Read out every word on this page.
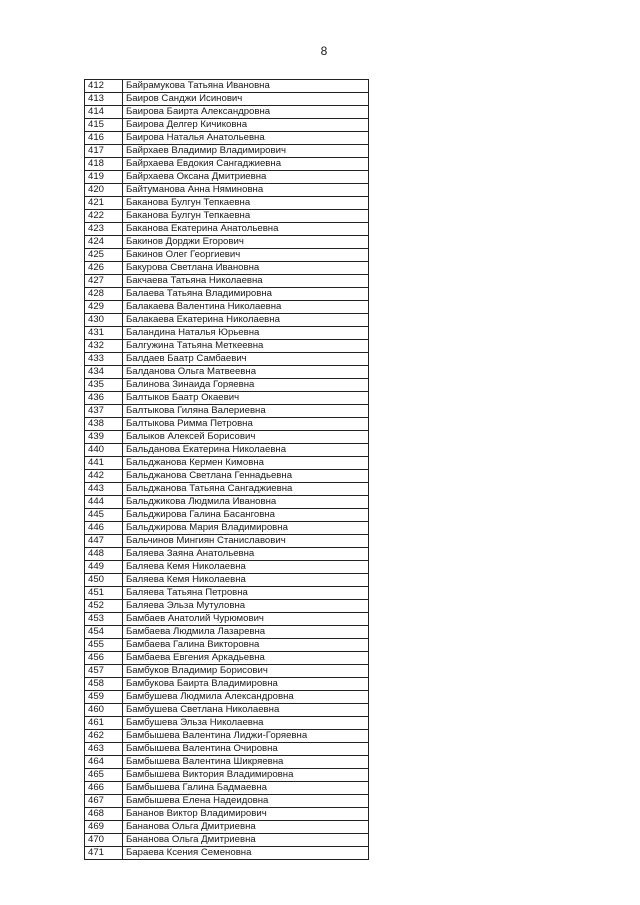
8
412	Байрамукова Татьяна Ивановна
413	Баиров Санджи Исинович
414	Баирова Баирта Александровна
415	Баирова Делгер Кичиковна
416	Баирова Наталья Анатольевна
417	Байрхаев Владимир Владимирович
418	Байрхаева Евдокия Сангаджиевна
419	Байрхаева Оксана Дмитриевна
420	Байтуманова Анна Няминовна
421	Баканова Булгун Тепкаевна
422	Баканова Булгун Тепкаевна
423	Баканова Екатерина Анатольевна
424	Бакинов Дорджи Егорович
425	Бакинов Олег Георгиевич
426	Бакурова Светлана Ивановна
427	Бакчаева Татьяна Николаевна
428	Балаева Татьяна Владимировна
429	Балакаева Валентина Николаевна
430	Балакаева Екатерина Николаевна
431	Баландина Наталья Юрьевна
432	Балгужина Татьяна Меткеевна
433	Балдаев Баатр Самбаевич
434	Балданова Ольга Матвеевна
435	Балинова Зинаида Горяевна
436	Балтыков Баатр Окаевич
437	Балтыкова Гиляна Валериевна
438	Балтыкова Римма Петровна
439	Балыков Алексей Борисович
440	Бальданова Екатерина Николаевна
441	Бальджанова Кермен Кимовна
442	Бальджанова Светлана Геннадьевна
443	Бальджанова Татьяна Сангаджиевна
444	Бальджикова Людмила Ивановна
445	Бальджирова Галина Басанговна
446	Бальджирова Мария Владимировна
447	Бальчинов Мингиян Станиславович
448	Баляева Заяна Анатольевна
449	Баляева Кемя Николаевна
450	Баляева Кемя Николаевна
451	Баляева Татьяна Петровна
452	Баляева Эльза Мутуловна
453	Бамбаев Анатолий Чурюмович
454	Бамбаева Людмила Лазаревна
455	Бамбаева Галина Викторовна
456	Бамбаева Евгения Аркадьевна
457	Бамбуков Владимир Борисович
458	Бамбукова Баирта Владимировна
459	Бамбушева Людмила Александровна
460	Бамбушева Светлана Николаевна
461	Бамбушева Эльза Николаевна
462	Бамбышева Валентина Лиджи-Горяевна
463	Бамбышева Валентина Очировна
464	Бамбышева Валентина Шикряевна
465	Бамбышева Виктория Владимировна
466	Бамбышева Галина Бадмаевна
467	Бамбышева Елена Надеидовна
468	Бананов Виктор Владимирович
469	Бананова Ольга Дмитриевна
470	Бананова Ольга Дмитриевна
471	Бараева Ксения Семеновна
